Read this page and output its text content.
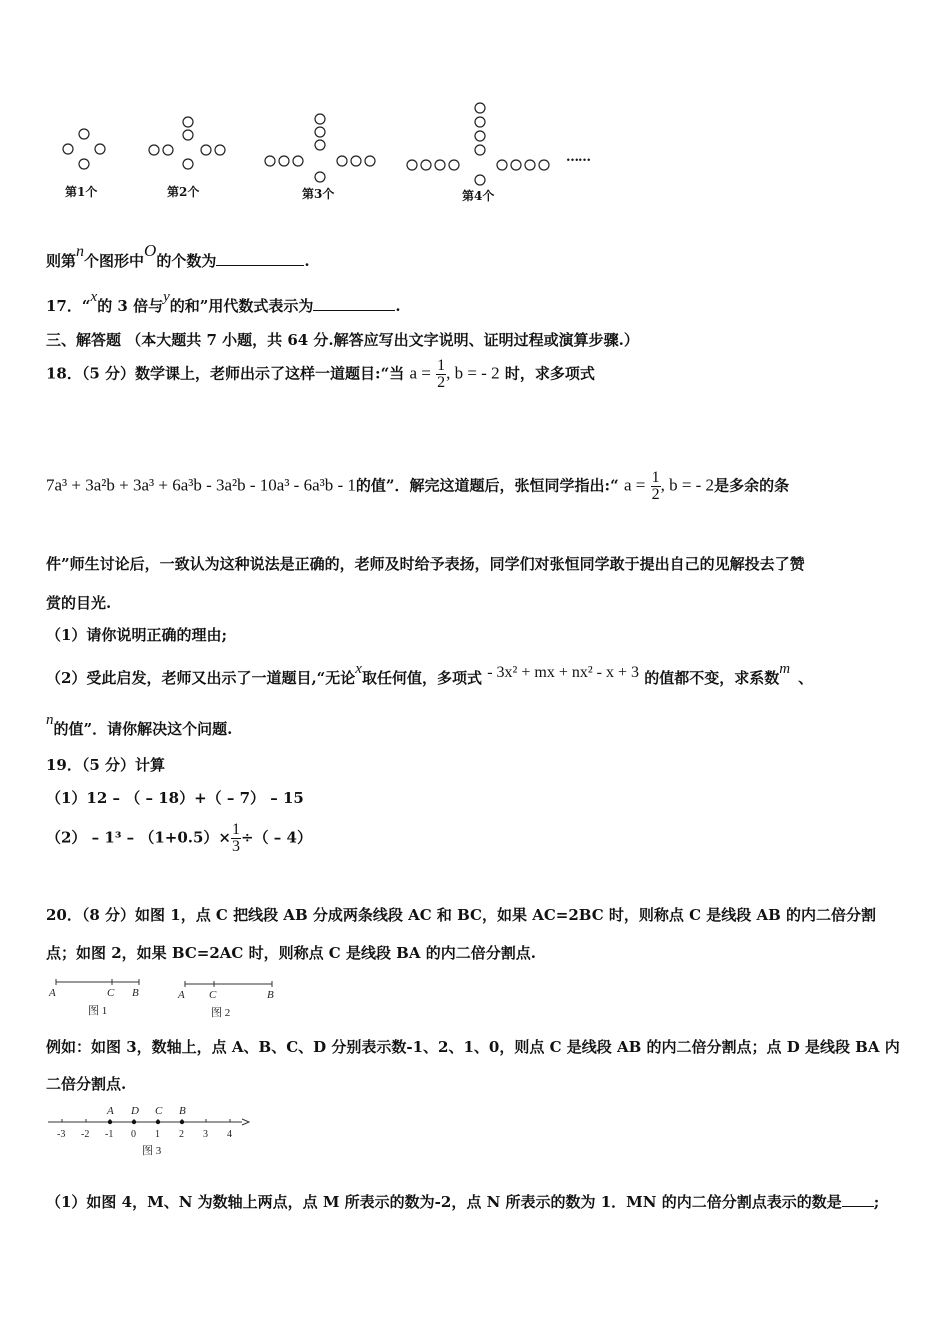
第1个	第2个	第3个	第4个
……
则第$^n$个图形中$^O$的个数为	.
17．“$^x$的 3 倍与$^y$的和”用代数式表示为	.
三、解答题 （本大题共 7 小题，共 64 分.解答应写出文字说明、证明过程或演算步骤.）
18．（5 分）数学课上，老师出示了这样一道题目:“当 $a = \frac{1}{2}$ , b = - 2 时，求多项式
7a³ + 3a²b + 3a³ + 6a³b - 3a²b - 10a³ - 6a³b - 1的值”．解完这道题后，张恒同学指出:“ $a = \frac{1}{2}$ , b = - 2是多余的条
件”师生讨论后，一致认为这种说法是正确的，老师及时给予表扬，同学们对张恒同学敢于提出自己的见解投去了赞
赏的目光.
（1）请你说明正确的理由;
（2）受此启发，老师又出示了一道题目,“无论$^x$取任何值，多项式 - 3x² + mx + nx² - x + 3 的值都不变，求系数$^m$ 、
$^n$的值”．请你解决这个问题.
19．（5 分）计算
（1）12 – （ – 18）+（ – 7） – 15
$(2) - 1^3 - (1+0.5)\times \frac{1}{3}$ ÷（ – 4）
20．（8 分）如图 1，点 C 把线段 AB 分成两条线段 AC 和 BC，如果 AC=2BC 时，则称点 C 是线段 AB 的内二倍分割
点；如图 2，如果 BC=2AC 时，则称点 C 是线段 BA 的内二倍分割点.
A	C B	A C	B
图 1	图 2
例如：如图 3，数轴上，点 A、B、C、D 分别表示数-1、2、1、0，则点 C 是线段 AB 的内二倍分割点；点 D 是线段 BA 内
二倍分割点.
-3 -2 -1 0 1 2 3 4
A D C B
图 3
（1）如图 4，M、N 为数轴上两点，点 M 所表示的数为-2，点 N 所表示的数为 1．MN 的内二倍分割点表示的数是 ;
